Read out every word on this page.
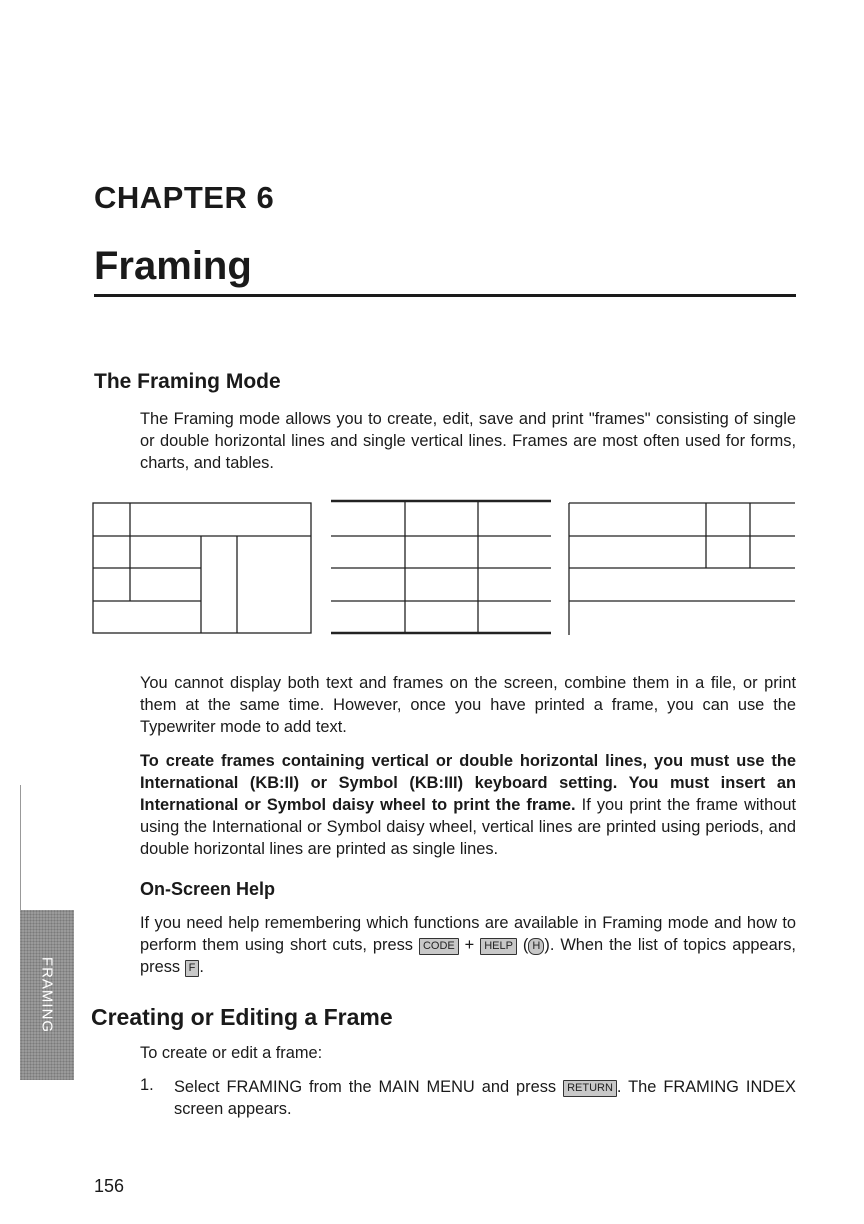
CHAPTER 6
Framing
The Framing Mode
The Framing mode allows you to create, edit, save and print "frames" consisting of single or double horizontal lines and single vertical lines. Frames are most often used for forms, charts, and tables.
You cannot display both text and frames on the screen, combine them in a file, or print them at the same time. However, once you have printed a frame, you can use the Typewriter mode to add text.
To create frames containing vertical or double horizontal lines, you must use the International (KB:II) or Symbol (KB:III) keyboard setting. You must insert an International or Symbol daisy wheel to print the frame. If you print the frame without using the International or Symbol daisy wheel, vertical lines are printed using periods, and double horizontal lines are printed as single lines.
On-Screen Help
If you need help remembering which functions are available in Framing mode and how to perform them using short cuts, press CODE + HELP ( H ). When the list of topics appears, press F .
Creating or Editing a Frame
To create or edit a frame:
1. Select FRAMING from the MAIN MENU and press RETURN . The FRAMING INDEX screen appears.
FRAMING
156
